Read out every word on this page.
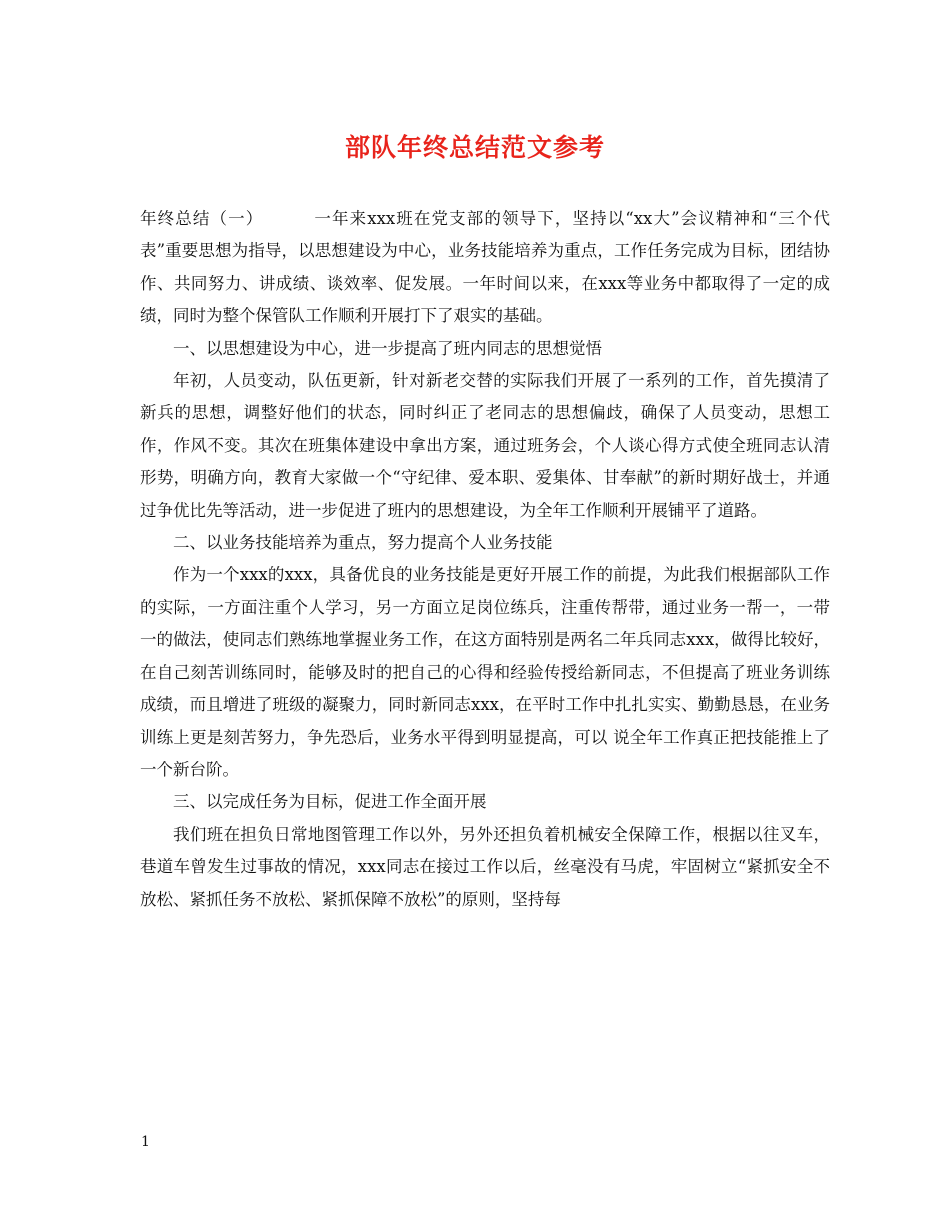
部队年终总结范文参考

年终总结（一）	一年来xxx班在党支部的领导下，坚持以“xx大”会议精神和“三个代表”重要思想为指导，以思想建设为中心，业务技能培养为重点，工作任务完成为目标，团结协作、共同努力、讲成绩、谈效率、促发展。一年时间以来，在xxx等业务中都取得了一定的成绩，同时为整个保管队工作顺利开展打下了艰实的基础。

一、以思想建设为中心，进一步提高了班内同志的思想觉悟

年初，人员变动，队伍更新，针对新老交替的实际我们开展了一系列的工作，首先摸清了新兵的思想，调整好他们的状态，同时纠正了老同志的思想偏歧，确保了人员变动，思想工作，作风不变。其次在班集体建设中拿出方案，通过班务会，个人谈心得方式使全班同志认清形势，明确方向，教育大家做一个“守纪律、爱本职、爱集体、甘奉献”的新时期好战士，并通过争优比先等活动，进一步促进了班内的思想建设，为全年工作顺利开展铺平了道路。

二、以业务技能培养为重点，努力提高个人业务技能

作为一个xxx的xxx，具备优良的业务技能是更好开展工作的前提，为此我们根据部队工作的实际，一方面注重个人学习，另一方面立足岗位练兵，注重传帮带，通过业务一帮一，一带一的做法，使同志们熟练地掌握业务工作，在这方面特别是两名二年兵同志xxx，做得比较好，在自己刻苦训练同时，能够及时的把自己的心得和经验传授给新同志，不但提高了班业务训练成绩，而且增进了班级的凝聚力，同时新同志xxx，在平时工作中扎扎实实、勤勤恳恳，在业务训练上更是刻苦努力，争先恐后，业务水平得到明显提高，可以 说全年工作真正把技能推上了一个新台阶。

三、以完成任务为目标，促进工作全面开展

我们班在担负日常地图管理工作以外，另外还担负着机械安全保障工作，根据以往叉车，巷道车曾发生过事故的情况，xxx同志在接过工作以后，丝毫没有马虎，牢固树立“紧抓安全不放松、紧抓任务不放松、紧抓保障不放松”的原则，坚持每

1
